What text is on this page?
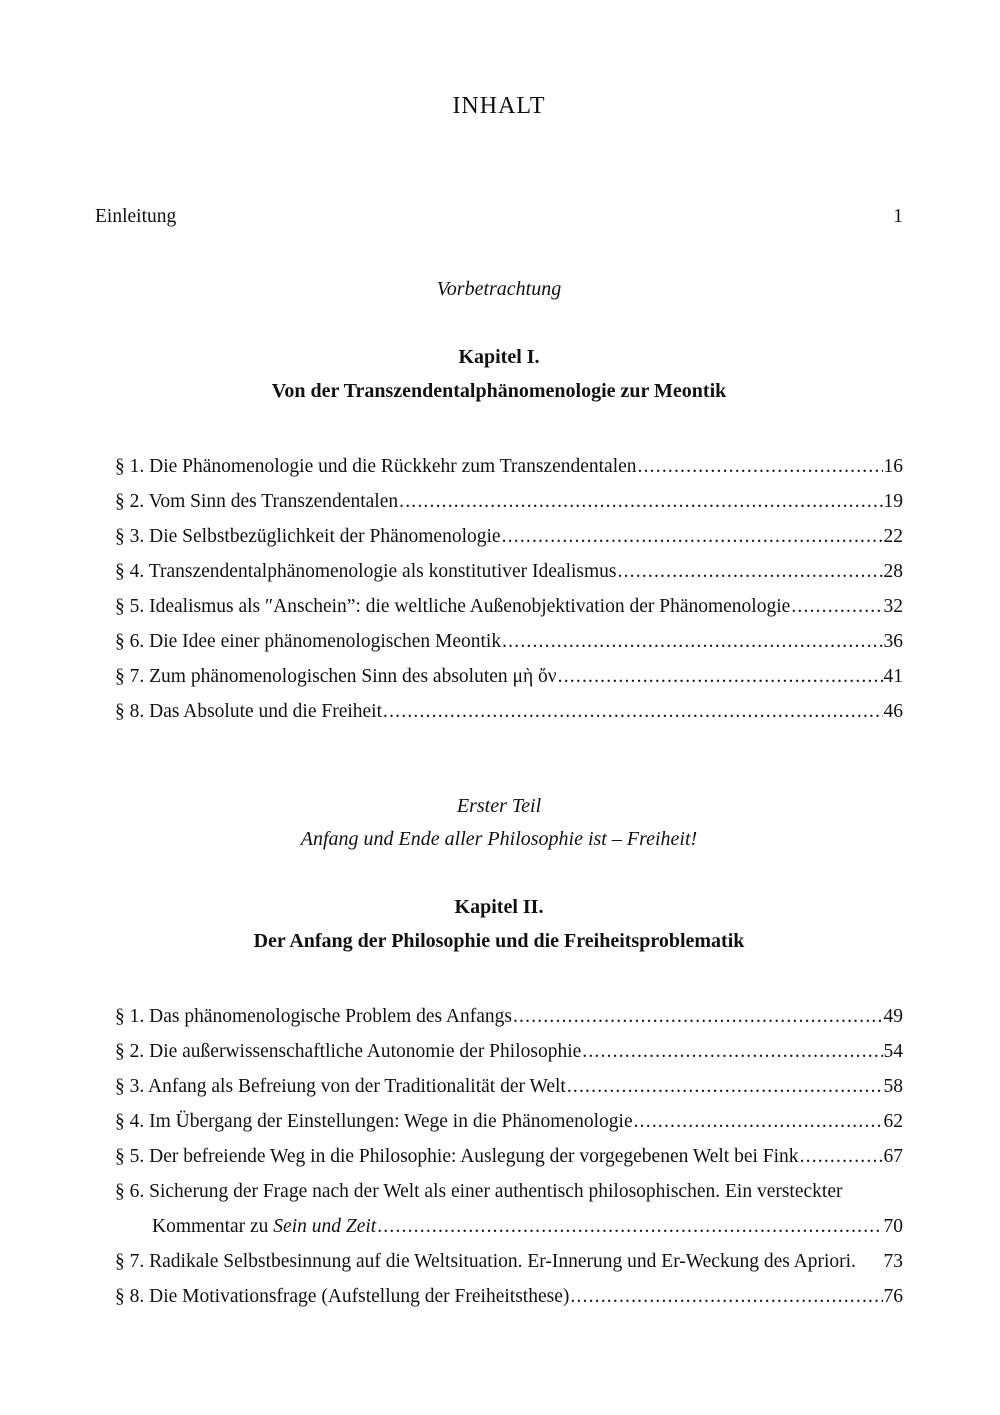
INHALT
Einleitung	1
Vorbetrachtung
Kapitel I.
Von der Transzendentalphänomenologie zur Meontik
§ 1. Die Phänomenologie und die Rückkehr zum Transzendentalen .....	16
§ 2. Vom Sinn des Transzendentalen .....	19
§ 3. Die Selbstbezüglichkeit der Phänomenologie .....	22
§ 4. Transzendentalphänomenologie als konstitutiver Idealismus .....	28
§ 5. Idealismus als ″Anschein”: die weltliche Außenobjektivation der Phänomenologie .....	32
§ 6. Die Idee einer phänomenologischen Meontik .....	36
§ 7. Zum phänomenologischen Sinn des absoluten μὴ ὄν .....	41
§ 8. Das Absolute und die Freiheit .....	46
Erster Teil
Anfang und Ende aller Philosophie ist – Freiheit!
Kapitel II.
Der Anfang der Philosophie und die Freiheitsproblematik
§ 1. Das phänomenologische Problem des Anfangs .....	49
§ 2. Die außerwissenschaftliche Autonomie der Philosophie .....	54
§ 3. Anfang als Befreiung von der Traditionalität der Welt .....	58
§ 4. Im Übergang der Einstellungen: Wege in die Phänomenologie .....	62
§ 5. Der befreiende Weg in die Philosophie: Auslegung der vorgegebenen Welt bei Fink .....	67
§ 6. Sicherung der Frage nach der Welt als einer authentisch philosophischen. Ein versteckter
Kommentar zu Sein und Zeit .....	70
§ 7. Radikale Selbstbesinnung auf die Weltsituation. Er-Innerung und Er-Weckung des Apriori. 73
§ 8. Die Motivationsfrage (Aufstellung der Freiheitsthese) .....	76
